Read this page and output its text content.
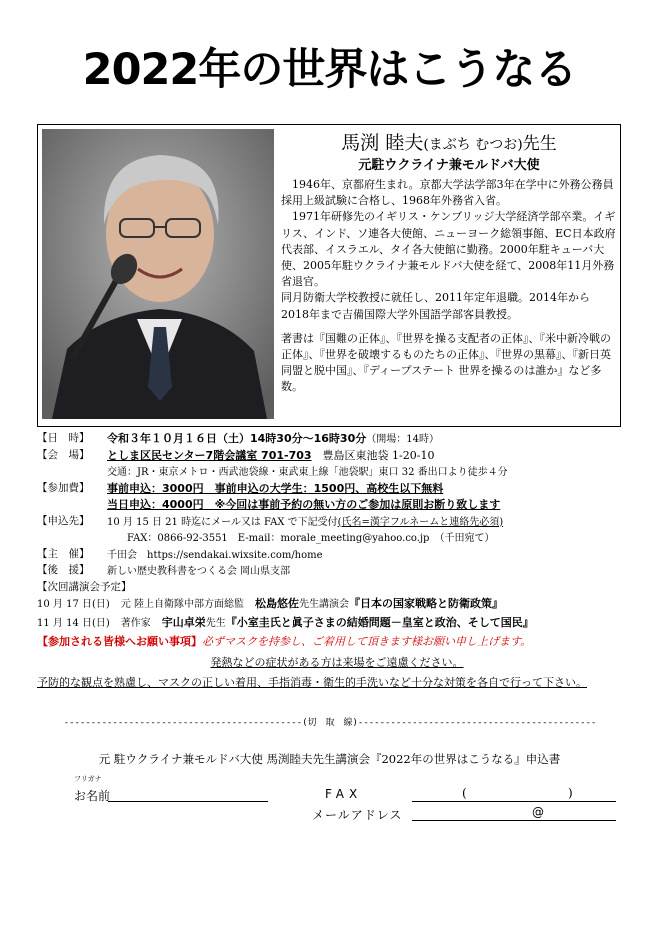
2022年の世界はこうなる
馬渕 睦夫(まぶち むつお)先生
元駐ウクライナ兼モルドバ大使

1946年、京都府生まれ。京都大学法学部3年在学中に外務公務員採用上級試験に合格し、1968年外務省入省。

1971年研修先のイギリス・ケンブリッジ大学経済学部卒業。イギリス、インド、ソ連各大使館、ニューヨーク総領事館、EC日本政府代表部、イスラエル、タイ各大使館に勤務。2000年駐キューバ大使、2005年駐ウクライナ兼モルドバ大使を経て、2008年11月外務省退官。

同月防衛大学校教授に就任し、2011年定年退職。2014年から2018年まで吉備国際大学外国語学部客員教授。

著書は『国難の正体』、『世界を操る支配者の正体』、『米中新冷戦の正体』、『世界を破壊するものたちの正体』、『世界の黒幕』、『新日英同盟と脱中国』、『ディープステート 世界を操るのは誰か』など多数。

【日　時】	令和３年１０月１６日（土）14時30分～16時30分（開場：14時）
【会　場】	としま区民センター7階会議室 701-703　 豊島区東池袋 1-20-10
交通：JR・東京メトロ・西武池袋線・東武東上線「池袋駅」東口 32 番出口より徒歩４分
【参加費】	事前申込：3000円　事前申込の大学生：1500円、高校生以下無料
当日申込：4000円　※今回は事前予約の無い方のご参加は原則お断り致します
【申込先】	10 月 15 日 21 時迄にメール又は FAX で下記受付(氏名=漢字フルネームと連絡先必須)
FAX：0866-92-3551　E-mail：morale_meeting@yahoo.co.jp　（千田宛て）
【主　催】	千田会　https://sendakai.wixsite.com/home
【後　援】	新しい歴史教科書をつくる会 岡山県支部
【次回講演会予定】
10 月 17 日(日)　 元 陸上自衛隊中部方面総監　 松島悠佐先生講演会『日本の国家戦略と防衛政策』
11 月 14 日(日)　 著作家　 宇山卓栄先生『小室圭氏と眞子さまの結婚問題－皇室と政治、そして国民』
【参加される皆様へお願い事項】必ずマスクを持参し、ご着用して頂きます様お願い申し上げます。
発熱などの症状がある方は来場をご遠慮ください。
予防的な観点を熟慮し、マスクの正しい着用、手指消毒・衛生的手洗いなど十分な対策を各自で行って下さい。
--------------------------------------------(切　取　線)--------------------------------------------
元 駐ウクライナ兼モルドバ大使 馬渕睦夫先生講演会『2022年の世界はこうなる』申込書
フリガナ
お名前	FAX	(	)
メールアドレス	@
